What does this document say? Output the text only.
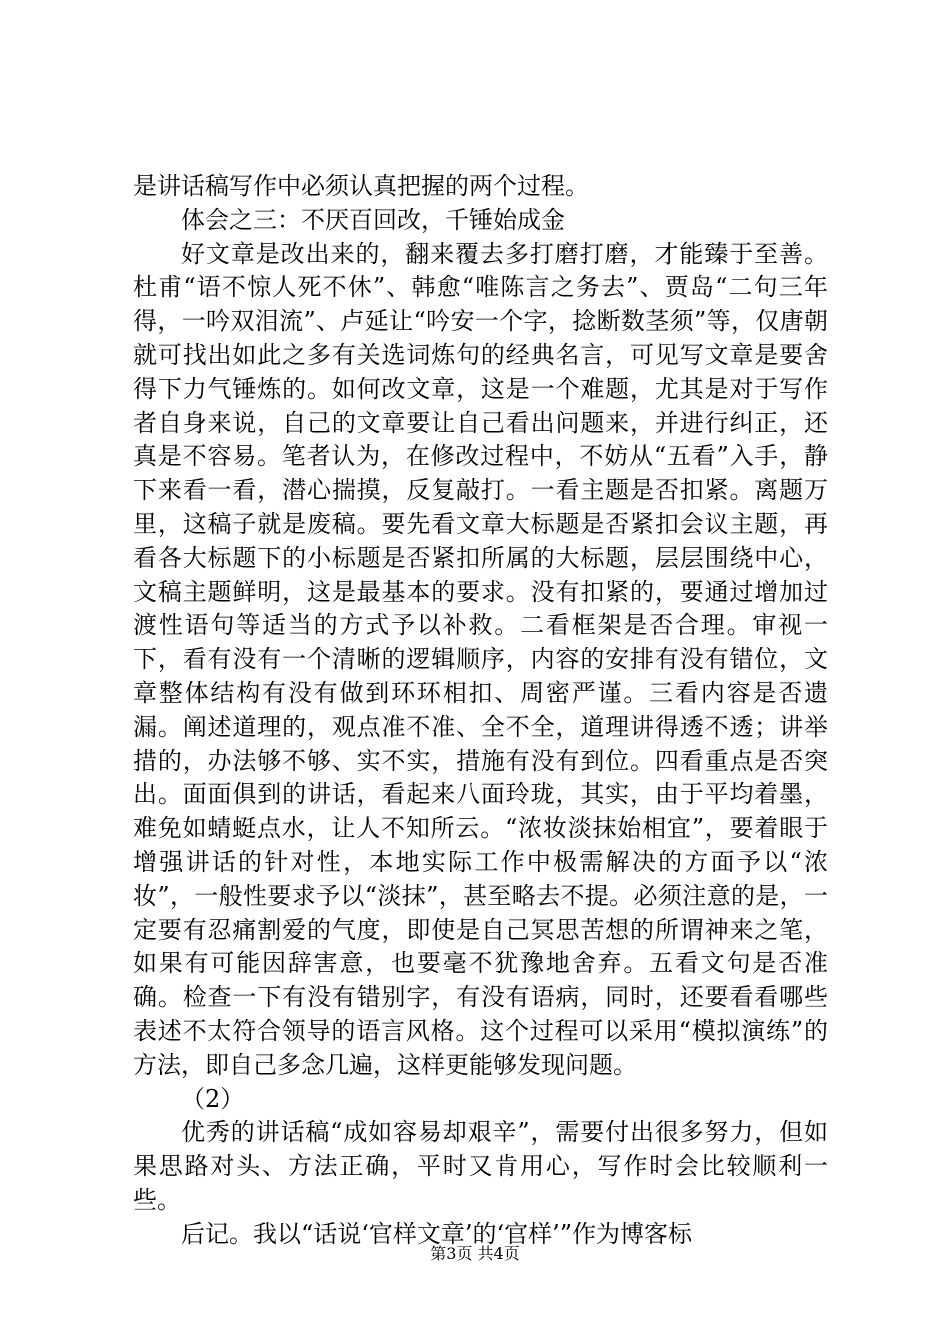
是讲话稿写作中必须认真把握的两个过程。

体会之三：不厌百回改，千锤始成金

好文章是改出来的，翻来覆去多打磨打磨，才能臻于至善。杜甫“语不惊人死不休”、韩愈“唯陈言之务去”、贾岛“二句三年得，一吟双泪流”、卢延让“吟安一个字，捻断数茎须”等，仅唐朝就可找出如此之多有关选词炼句的经典名言，可见写文章是要舍得下力气锤炼的。如何改文章，这是一个难题，尤其是对于写作者自身来说，自己的文章要让自己看出问题来，并进行纠正，还真是不容易。笔者认为，在修改过程中，不妨从“五看”入手，静下来看一看，潜心揣摸，反复敲打。一看主题是否扣紧。离题万里，这稿子就是废稿。要先看文章大标题是否紧扣会议主题，再看各大标题下的小标题是否紧扣所属的大标题，层层围绕中心，文稿主题鲜明，这是最基本的要求。没有扣紧的，要通过增加过渡性语句等适当的方式予以补救。二看框架是否合理。审视一下，看有没有一个清晰的逻辑顺序，内容的安排有没有错位，文章整体结构有没有做到环环相扣、周密严谨。三看内容是否遗漏。阐述道理的，观点准不准、全不全，道理讲得透不透；讲举措的，办法够不够、实不实，措施有没有到位。四看重点是否突出。面面俱到的讲话，看起来八面玲珑，其实，由于平均着墨，难免如蜻蜓点水，让人不知所云。“浓妆淡抹始相宜”，要着眼于增强讲话的针对性，本地实际工作中极需解决的方面予以“浓妆”，一般性要求予以“淡抹”，甚至略去不提。必须注意的是，一定要有忍痛割爱的气度，即使是自己冥思苦想的所谓神来之笔，如果有可能因辞害意，也要毫不犹豫地舍弃。五看文句是否准确。检查一下有没有错别字，有没有语病，同时，还要看看哪些表述不太符合领导的语言风格。这个过程可以采用“模拟演练”的方法，即自己多念几遍，这样更能够发现问题。

（2）

优秀的讲话稿“成如容易却艰辛”，需要付出很多努力，但如果思路对头、方法正确，平时又肯用心，写作时会比较顺利一些。

后记。我以“话说‘官样文章’的‘官样’”作为博客标

第3页 共4页
